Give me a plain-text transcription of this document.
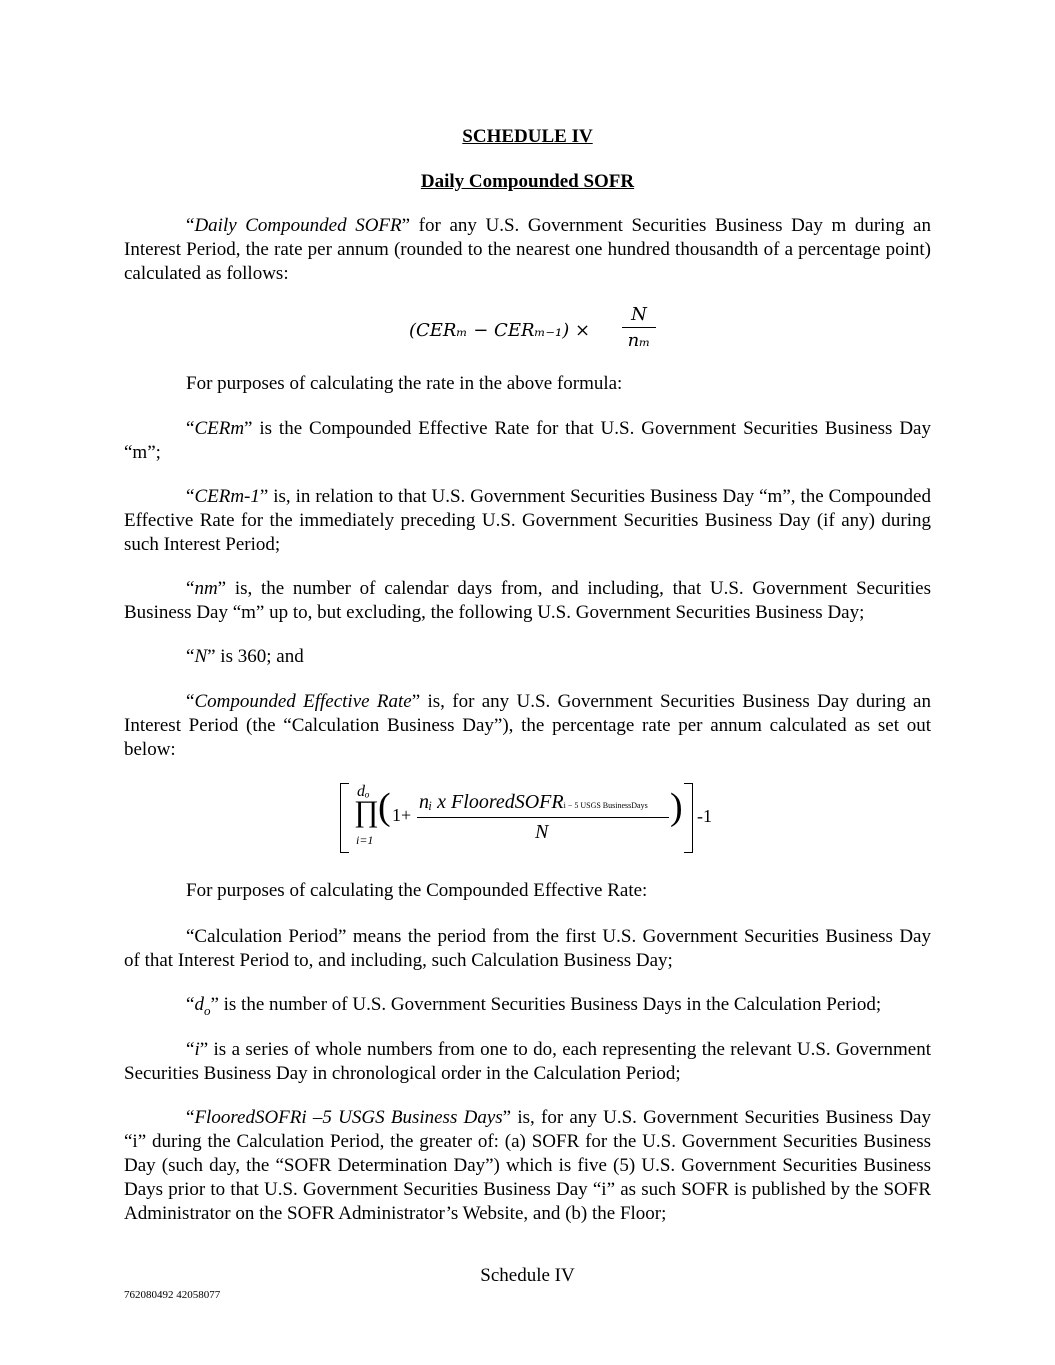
SCHEDULE IV
Daily Compounded SOFR

“Daily Compounded SOFR” for any U.S. Government Securities Business Day m during an Interest Period, the rate per annum (rounded to the nearest one hundred thousandth of a percentage point) calculated as follows:

(CERₘ − CERₘ₋₁) ×
N
nₘ

For purposes of calculating the rate in the above formula:

“CERm” is the Compounded Effective Rate for that U.S. Government Securities Business Day “m”;

“CERm-1” is, in relation to that U.S. Government Securities Business Day “m”, the Compounded Effective Rate for the immediately preceding U.S. Government Securities Business Day (if any) during such Interest Period;

“nm” is, the number of calendar days from, and including, that U.S. Government Securities Business Day “m” up to, but excluding, the following U.S. Government Securities Business Day;

“N” is 360; and

“Compounded Effective Rate” is, for any U.S. Government Securities Business Day during an Interest Period (the “Calculation Business Day”), the percentage rate per annum calculated as set out below:

dₒ
∏
i=1
( 1+
nᵢ x FlooredSOFRi − 5 USGS BusinessDays
N
) -1

For purposes of calculating the Compounded Effective Rate:

“Calculation Period” means the period from the first U.S. Government Securities Business Day of that Interest Period to, and including, such Calculation Business Day;

“$d_o$” is the number of U.S. Government Securities Business Days in the Calculation Period;

“i” is a series of whole numbers from one to do, each representing the relevant U.S. Government Securities Business Day in chronological order in the Calculation Period;

“FlooredSOFRi –5 USGS Business Days” is, for any U.S. Government Securities Business Day “i” during the Calculation Period, the greater of: (a) SOFR for the U.S. Government Securities Business Day (such day, the “SOFR Determination Day”) which is five (5) U.S. Government Securities Business Days prior to that U.S. Government Securities Business Day “i” as such SOFR is published by the SOFR Administrator on the SOFR Administrator’s Website, and (b) the Floor;

Schedule IV
762080492 42058077
